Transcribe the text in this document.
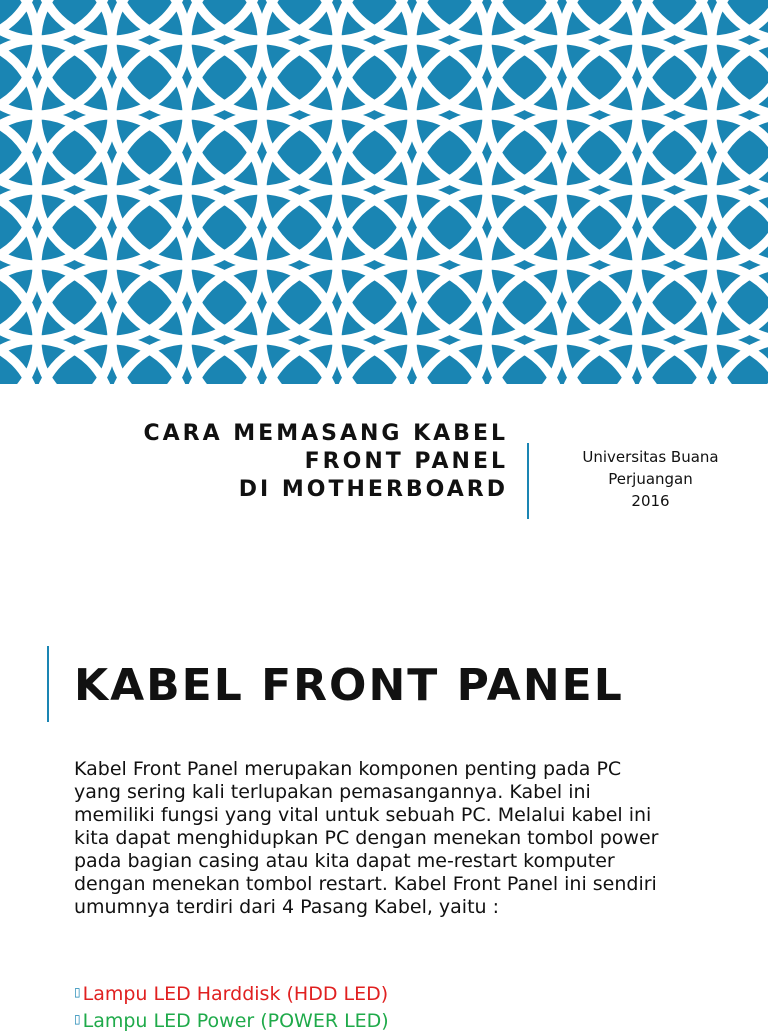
CARA MEMASANG KABEL
FRONT PANEL
DI MOTHERBOARD
Universitas Buana
Perjuangan
2016
KABEL FRONT PANEL
Kabel Front Panel merupakan komponen penting pada PC yang sering kali terlupakan pemasangannya. Kabel ini memiliki fungsi yang vital untuk sebuah PC. Melalui kabel ini kita dapat menghidupkan PC dengan menekan tombol power pada bagian casing atau kita dapat me-restart komputer dengan menekan tombol restart. Kabel Front Panel ini sendiri umumnya terdiri dari 4 Pasang Kabel, yaitu :
▯ Lampu LED Harddisk (HDD LED)
▯ Lampu LED Power (POWER LED)
